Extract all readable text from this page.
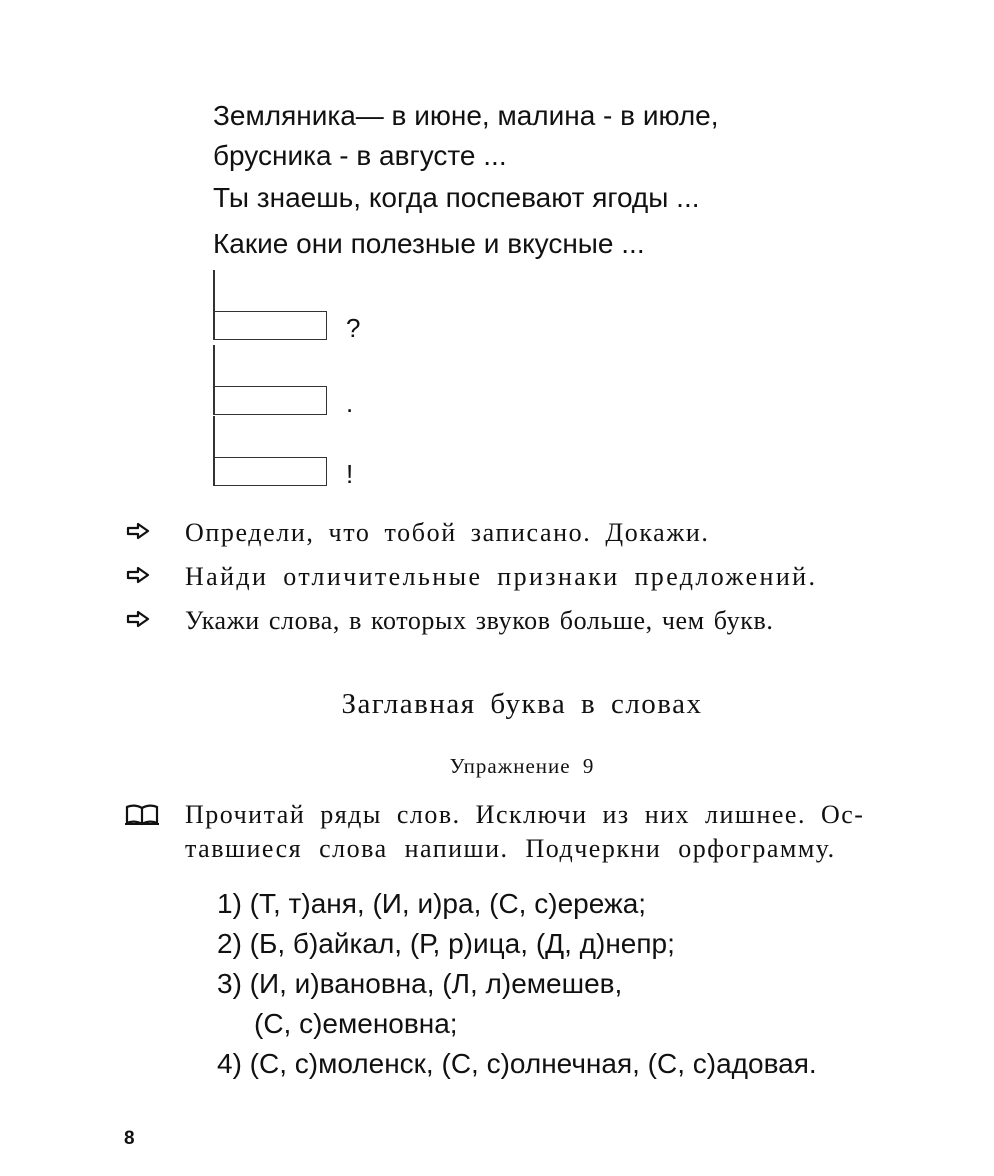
Земляника— в июне, малина - в июле,
брусника - в августе ...
Ты знаешь, когда поспевают ягоды ...
Какие они полезные и вкусные ...
?
.
!
Определи, что тобой записано. Докажи.
Найди отличительные признаки предложений.
Укажи слова, в которых звуков больше, чем букв.
Заглавная буква в словах
Упражнение 9
Прочитай ряды слов. Исключи из них лишнее. Ос-
тавшиеся слова напиши. Подчеркни орфограмму.
1) (Т, т)аня, (И, и)ра, (С, с)ережа;
2) (Б, б)айкал, (Р, р)ица, (Д, д)непр;
3) (И, и)вановна, (Л, л)емешев,
(С, с)еменовна;
4) (С, с)моленск, (С, с)олнечная, (С, с)адовая.
8
